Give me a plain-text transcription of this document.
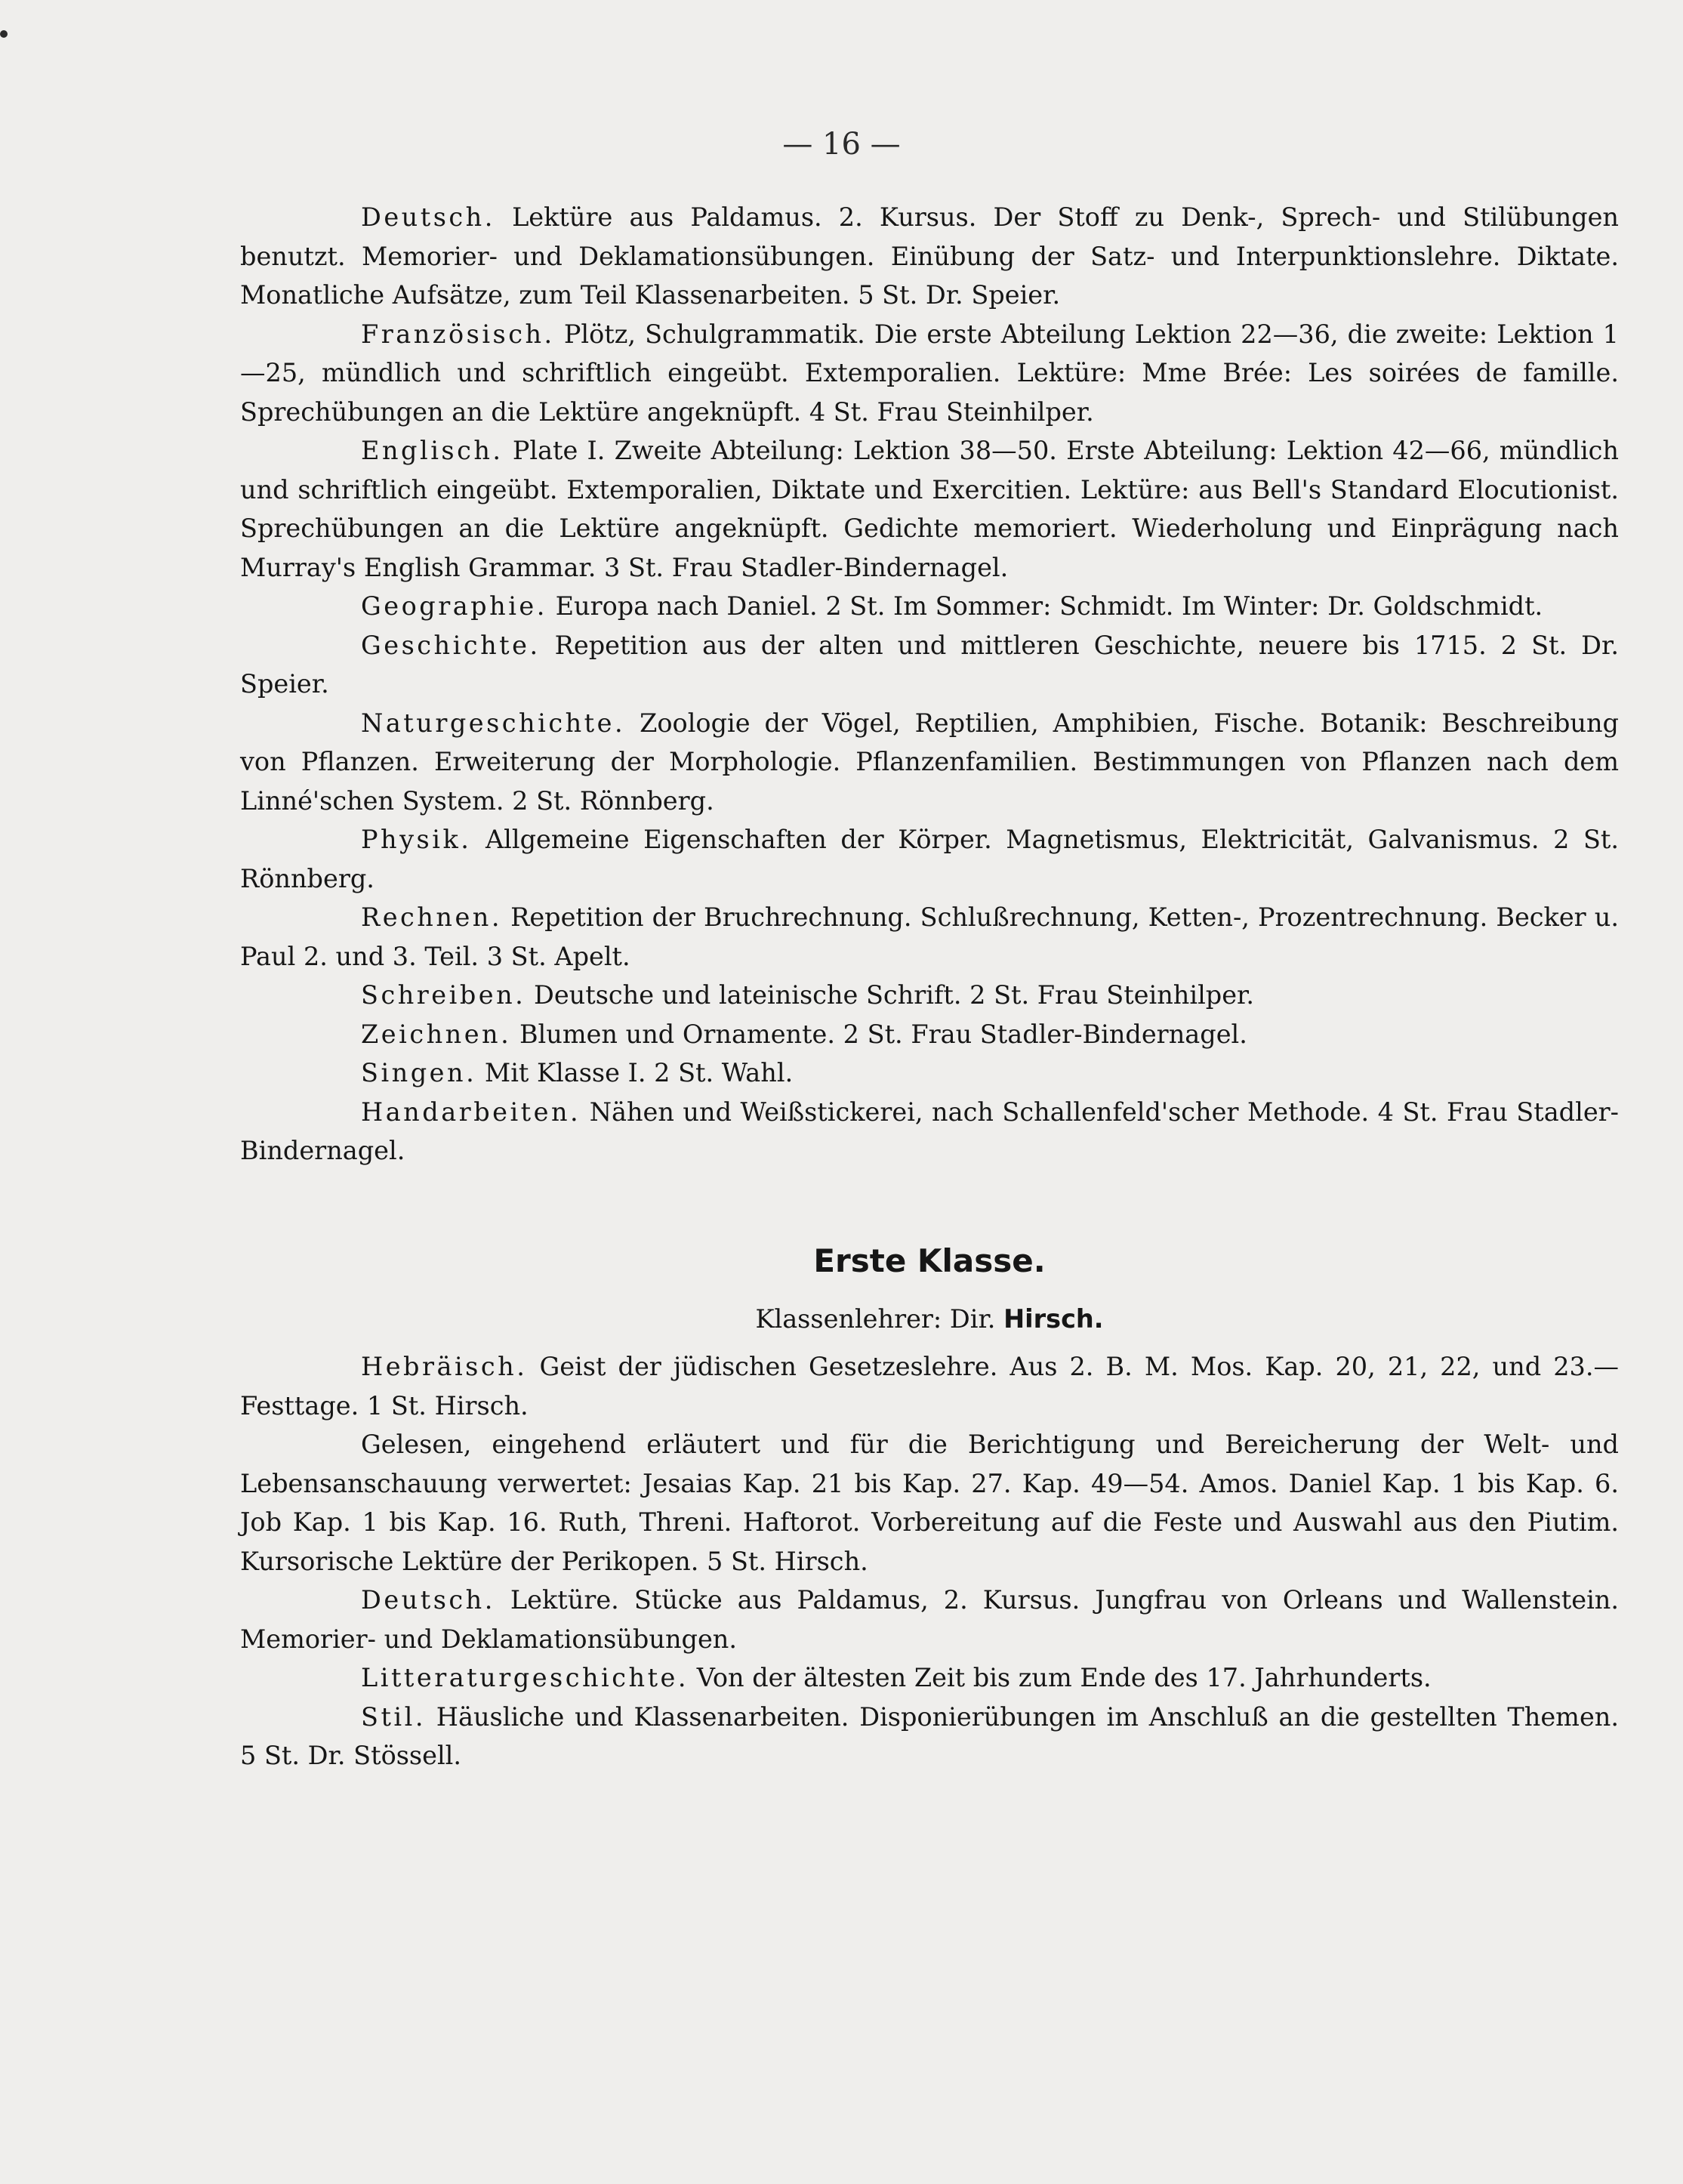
— 16 —

Deutsch. Lektüre aus Paldamus. 2. Kursus. Der Stoff zu Denk-, Sprech- und Stilübungen benutzt. Memorier- und Deklamationsübungen. Einübung der Satz- und Interpunktionslehre. Diktate. Monatliche Aufsätze, zum Teil Klassenarbeiten. 5 St. Dr. Speier.

Französisch. Plötz, Schulgrammatik. Die erste Abteilung Lektion 22—36, die zweite: Lektion 1—25, mündlich und schriftlich eingeübt. Extemporalien. Lektüre: Mme Brée: Les soirées de famille. Sprechübungen an die Lektüre angeknüpft. 4 St. Frau Steinhilper.

Englisch. Plate I. Zweite Abteilung: Lektion 38—50. Erste Abteilung: Lektion 42—66, mündlich und schriftlich eingeübt. Extemporalien, Diktate und Exercitien. Lektüre: aus Bell's Standard Elocutionist. Sprechübungen an die Lektüre angeknüpft. Gedichte memoriert. Wiederholung und Einprägung nach Murray's English Grammar. 3 St. Frau Stadler-Bindernagel.

Geographie. Europa nach Daniel. 2 St. Im Sommer: Schmidt. Im Winter: Dr. Goldschmidt.

Geschichte. Repetition aus der alten und mittleren Geschichte, neuere bis 1715. 2 St. Dr. Speier.

Naturgeschichte. Zoologie der Vögel, Reptilien, Amphibien, Fische. Botanik: Beschreibung von Pflanzen. Erweiterung der Morphologie. Pflanzenfamilien. Bestimmungen von Pflanzen nach dem Linné'schen System. 2 St. Rönnberg.

Physik. Allgemeine Eigenschaften der Körper. Magnetismus, Elektricität, Galvanismus. 2 St. Rönnberg.

Rechnen. Repetition der Bruchrechnung. Schlußrechnung, Ketten-, Prozentrechnung. Becker u. Paul 2. und 3. Teil. 3 St. Apelt.

Schreiben. Deutsche und lateinische Schrift. 2 St. Frau Steinhilper.

Zeichnen. Blumen und Ornamente. 2 St. Frau Stadler-Bindernagel.

Singen. Mit Klasse I. 2 St. Wahl.

Handarbeiten. Nähen und Weißstickerei, nach Schallenfeld'scher Methode. 4 St. Frau Stadler-Bindernagel.

Erste Klasse.
Klassenlehrer: Dir. Hirsch.

Hebräisch. Geist der jüdischen Gesetzeslehre. Aus 2. B. M. Mos. Kap. 20, 21, 22, und 23.— Festtage. 1 St. Hirsch.

Gelesen, eingehend erläutert und für die Berichtigung und Bereicherung der Welt- und Lebensanschauung verwertet: Jesaias Kap. 21 bis Kap. 27. Kap. 49—54. Amos. Daniel Kap. 1 bis Kap. 6. Job Kap. 1 bis Kap. 16. Ruth, Threni. Haftorot. Vorbereitung auf die Feste und Auswahl aus den Piutim. Kursorische Lektüre der Perikopen. 5 St. Hirsch.

Deutsch. Lektüre. Stücke aus Paldamus, 2. Kursus. Jungfrau von Orleans und Wallenstein. Memorier- und Deklamationsübungen.

Litteraturgeschichte. Von der ältesten Zeit bis zum Ende des 17. Jahrhunderts.

Stil. Häusliche und Klassenarbeiten. Disponierübungen im Anschluß an die gestellten Themen. 5 St. Dr. Stössell.
